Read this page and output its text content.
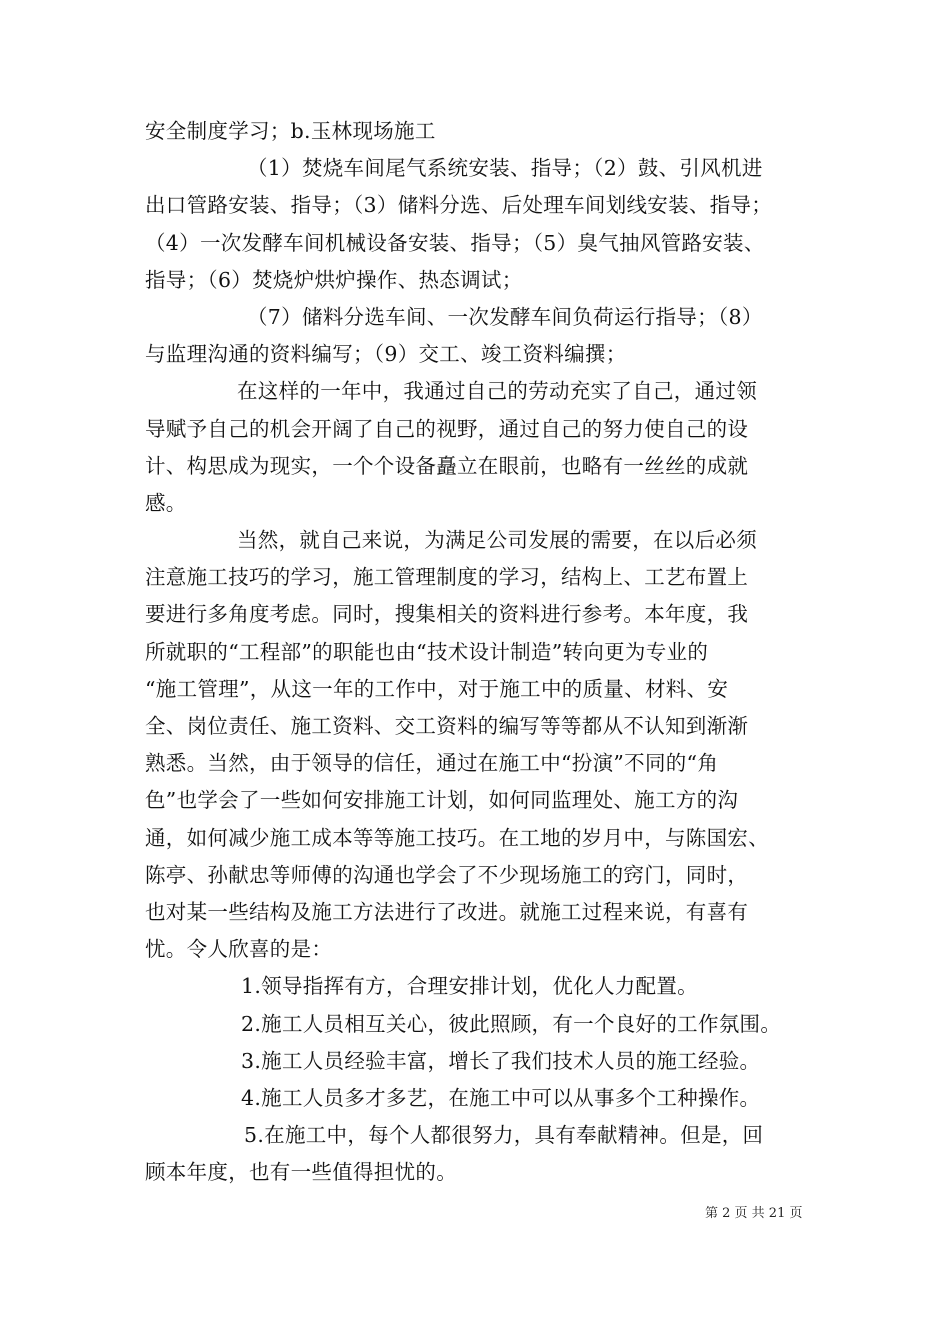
安全制度学习；b.玉林现场施工
（1）焚烧车间尾气系统安装、指导；（2）鼓、引风机进
出口管路安装、指导；（3）储料分选、后处理车间划线安装、指导；
（4）一次发酵车间机械设备安装、指导；（5）臭气抽风管路安装、
指导；（6）焚烧炉烘炉操作、热态调试；
（7）储料分选车间、一次发酵车间负荷运行指导；（8）
与监理沟通的资料编写；（9）交工、竣工资料编撰；
在这样的一年中，我通过自己的劳动充实了自己，通过领
导赋予自己的机会开阔了自己的视野，通过自己的努力使自己的设
计、构思成为现实，一个个设备矗立在眼前，也略有一丝丝的成就
感。
当然，就自己来说，为满足公司发展的需要，在以后必须
注意施工技巧的学习，施工管理制度的学习，结构上、工艺布置上
要进行多角度考虑。同时，搜集相关的资料进行参考。本年度，我
所就职的“工程部”的职能也由“技术设计制造”转向更为专业的
“施工管理”，从这一年的工作中，对于施工中的质量、材料、安
全、岗位责任、施工资料、交工资料的编写等等都从不认知到渐渐
熟悉。当然，由于领导的信任，通过在施工中“扮演”不同的“角
色”也学会了一些如何安排施工计划，如何同监理处、施工方的沟
通，如何减少施工成本等等施工技巧。在工地的岁月中，与陈国宏、
陈亭、孙献忠等师傅的沟通也学会了不少现场施工的窍门，同时，
也对某一些结构及施工方法进行了改进。就施工过程来说，有喜有
忧。令人欣喜的是：
1.领导指挥有方，合理安排计划，优化人力配置。
2.施工人员相互关心，彼此照顾，有一个良好的工作氛围。
3.施工人员经验丰富，增长了我们技术人员的施工经验。
4.施工人员多才多艺，在施工中可以从事多个工种操作。
5.在施工中，每个人都很努力，具有奉献精神。但是，回
顾本年度，也有一些值得担忧的。
第 2 页 共 21 页
